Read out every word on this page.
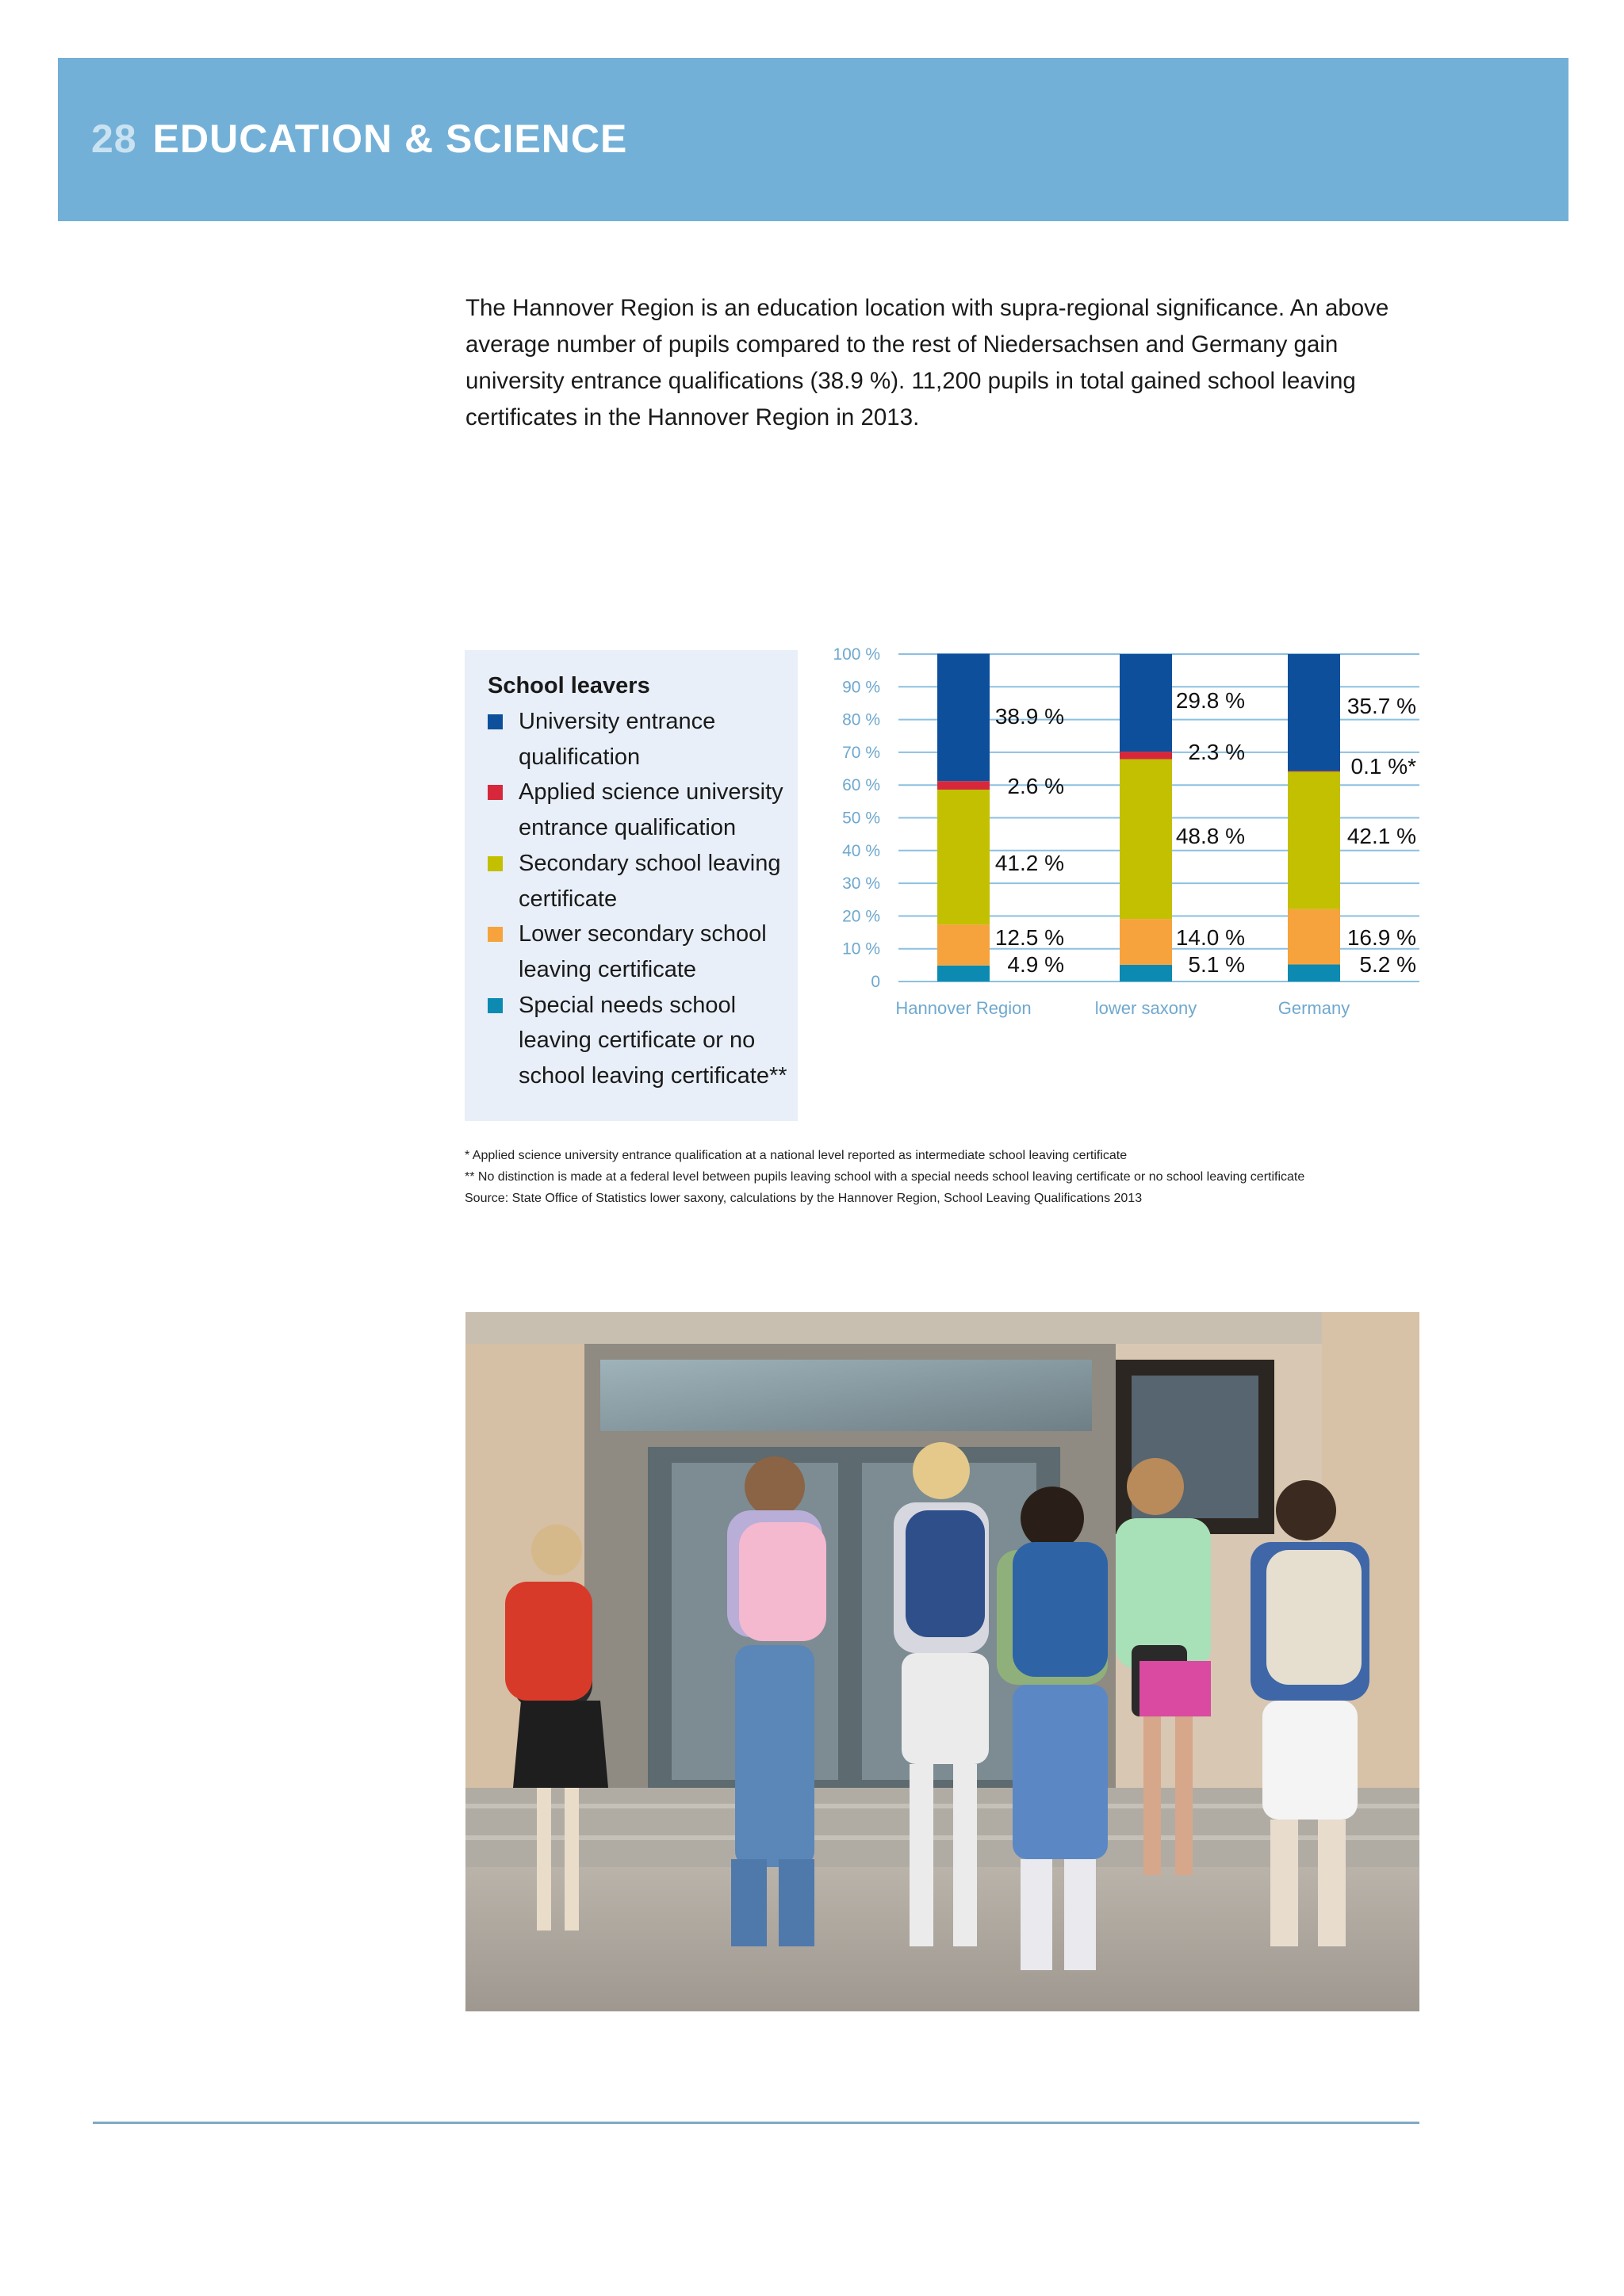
28 EDUCATION & SCIENCE

The Hannover Region is an education location with supra-regional significance. An above average number of pupils compared to the rest of Niedersachsen and Germany gain university entrance qualifications (38.9 %). 11,200 pupils in total gained school leaving certificates in the Hannover Region in 2013.

School leavers
University entrance qualification
Applied science university entrance qualification
Secondary school leaving certificate
Lower secondary school leaving certificate
Special needs school leaving certificate or no school leaving certificate**
0
10 %
20 %
30 %
40 %
50 %
60 %
70 %
80 %
90 %
100 %
Hannover Region	lower saxony	Germany
4.9 %	5.1 %	5.2 %
12.5 %	14.0 %	16.9 %
41.2 %
48.8 %	42.1 %
2.6 %
2.3 %
0.1 %*
38.9 %
29.8 %	35.7 %
* Applied science university entrance qualification at a national level reported as intermediate school leaving certificate
** No distinction is made at a federal level between pupils leaving school with a special needs school leaving certificate or no school leaving certificate
Source: State Office of Statistics lower saxony, calculations by the Hannover Region, School Leaving Qualifications 2013
